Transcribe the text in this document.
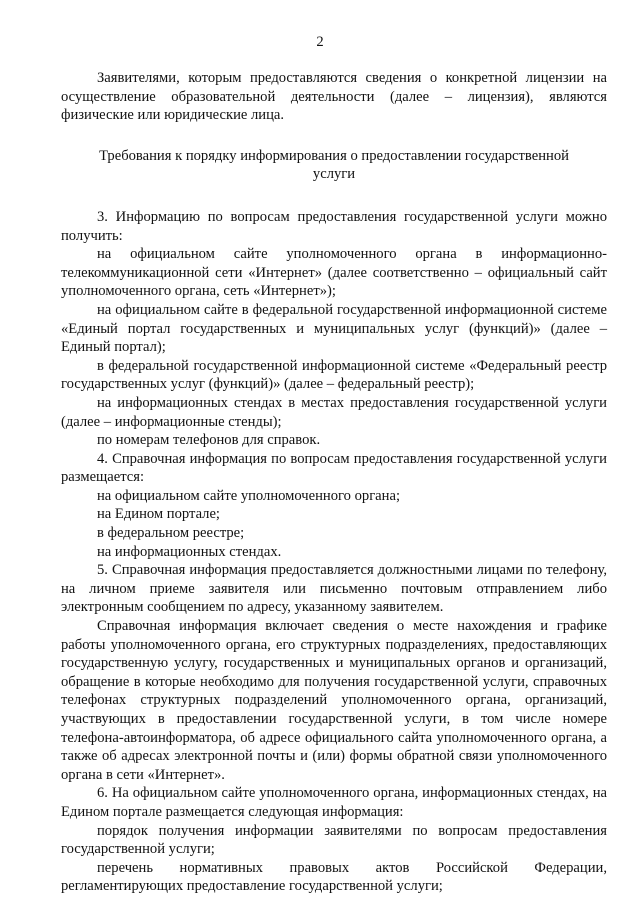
2

Заявителями, которым предоставляются сведения о конкретной лицензии на осуществление образовательной деятельности (далее – лицензия), являются физические или юридические лица.

Требования к порядку информирования о предоставлении государственной услуги

3. Информацию по вопросам предоставления государственной услуги можно получить:

на официальном сайте уполномоченного органа в информационно-телекоммуникационной сети «Интернет» (далее соответственно – официальный сайт уполномоченного органа, сеть «Интернет»);

на официальном сайте в федеральной государственной информационной системе «Единый портал государственных и муниципальных услуг (функций)» (далее – Единый портал);

в федеральной государственной информационной системе «Федеральный реестр государственных услуг (функций)» (далее – федеральный реестр);

на информационных стендах в местах предоставления государственной услуги (далее – информационные стенды);

по номерам телефонов для справок.

4. Справочная информация по вопросам предоставления государственной услуги размещается:

на официальном сайте уполномоченного органа;

на Едином портале;

в федеральном реестре;

на информационных стендах.

5. Справочная информация предоставляется должностными лицами по телефону, на личном приеме заявителя или письменно почтовым отправлением либо электронным сообщением по адресу, указанному заявителем.

Справочная информация включает сведения о месте нахождения и графике работы уполномоченного органа, его структурных подразделениях, предоставляющих государственную услугу, государственных и муниципальных органов и организаций, обращение в которые необходимо для получения государственной услуги, справочных телефонах структурных подразделений уполномоченного органа, организаций, участвующих в предоставлении государственной услуги, в том числе номере телефона-автоинформатора, об адресе официального сайта уполномоченного органа, а также об адресах электронной почты и (или) формы обратной связи уполномоченного органа в сети «Интернет».

6. На официальном сайте уполномоченного органа, информационных стендах, на Едином портале размещается следующая информация:

порядок получения информации заявителями по вопросам предоставления государственной услуги;

перечень нормативных правовых актов Российской Федерации, регламентирующих предоставление государственной услуги;
